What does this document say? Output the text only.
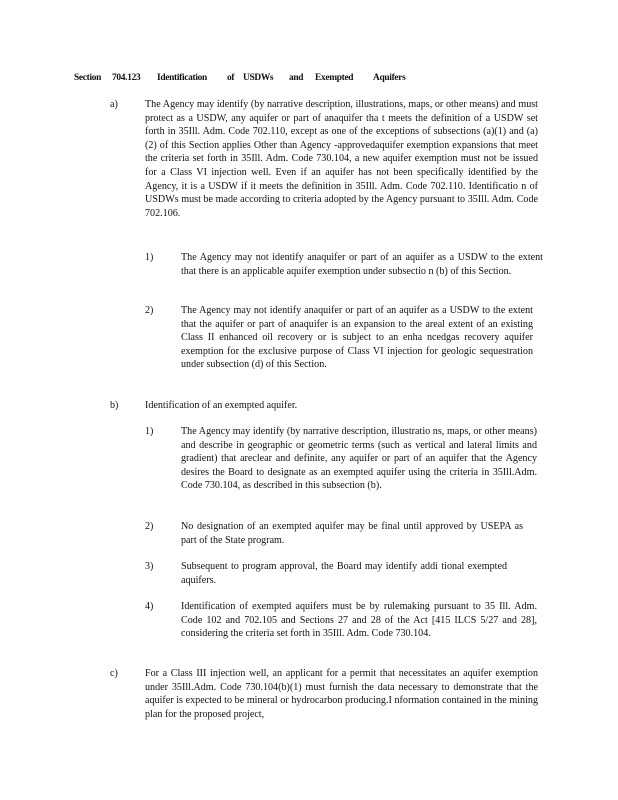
Section	704.123	Identification	of USDWs	and	Exempted	Aquifers
a)	The Agency may identify (by narrative description, illustrations, maps, or other means) and must protect as a USDW, any aquifer or part of anaquifer tha t meets the definition of a USDW set forth in 35Ill. Adm. Code 702.110, except as one of the exceptions of subsections (a)(1) and (a)(2) of this Section applies Other than Agency -approvedaquifer exemption expansions that meet the criteria set forth in 35Ill. Adm. Code 730.104, a new aquifer exemption must not be issued for a Class VI injection well. Even if an aquifer has not been specifically identified by the Agency, it is a USDW if it meets the definition in 35Ill. Adm. Code 702.110. Identificatio n of USDWs must be made according to criteria adopted by the Agency pursuant to 35Ill. Adm. Code 702.106.

1)	The Agency may not identify anaquifer or part of an aquifer as a USDW to the extent that there is an applicable aquifer exemption under subsectio n (b) of this Section.

2)	The Agency may not identify anaquifer or part of an aquifer as a USDW to the extent that the aquifer or part of anaquifer is an expansion to the areal extent of an existing Class II enhanced oil recovery or is subject to an enha ncedgas recovery aquifer exemption for the exclusive purpose of Class VI injection for geologic sequestration under subsection (d) of this Section.

b)	Identification of an exempted aquifer.

1)	The Agency may identify (by narrative description, illustratio ns, maps, or other means) and describe in geographic or geometric terms (such as vertical and lateral limits and gradient) that areclear and definite, any aquifer or part of an aquifer that the Agency desires the Board to designate as an exempted aquifer using the criteria in 35Ill.Adm. Code 730.104, as described in this subsection (b).

2)	No designation of an exempted aquifer may be final until approved by USEPA as part of the State program.

3)	Subsequent to program approval, the Board may identify addi tional exempted aquifers.

4)	Identification of exempted aquifers must be by rulemaking pursuant to 35 Ill. Adm. Code 102 and 702.105 and Sections 27 and 28 of the Act [415 ILCS 5/27 and 28], considering the criteria set forth in 35Ill. Adm. Code 730.104.

c)	For a Class III injection well, an applicant for a permit that necessitates an aquifer exemption under 35Ill.Adm. Code 730.104(b)(1) must furnish the data necessary to demonstrate that the aquifer is expected to be mineral or hydrocarbon producing.I nformation contained in the mining plan for the proposed project,
